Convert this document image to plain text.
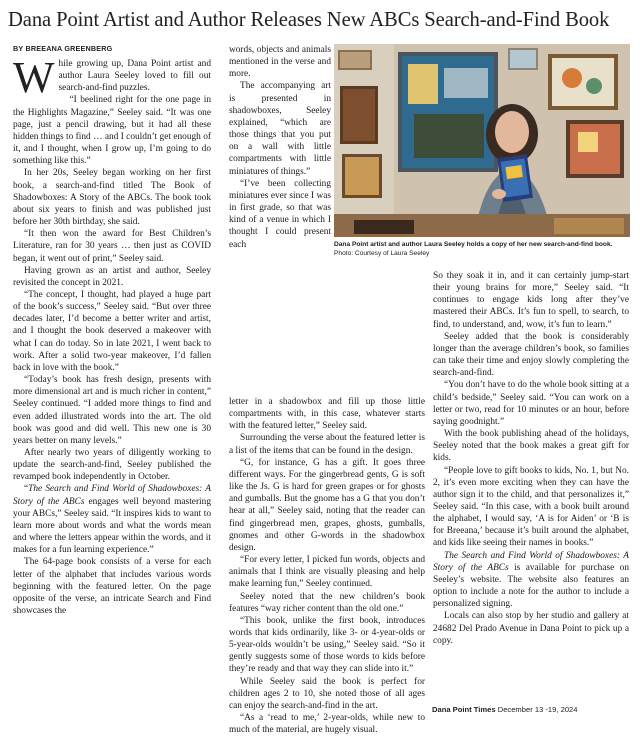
Dana Point Artist and Author Releases New ABCs Search-and-Find Book
BY BREEANA GREENBERG

While growing up, Dana Point artist and author Laura Seeley loved to fill out search-and-find puzzles.

“I beelined right for the one page in the Highlights Magazine,” Seeley said. “It was one page, just a pencil drawing, but it had all these hidden things to find … and I couldn’t get enough of it, and I thought, when I grow up, I’m going to do something like this.”

In her 20s, Seeley began working on her first book, a search-and-find titled The Book of Shadowboxes: A Story of the ABCs. The book took about six years to finish and was published just before her 30th birthday, she said.

“It then won the award for Best Children’s Literature, ran for 30 years … then just as COVID began, it went out of print,” Seeley said.

Having grown as an artist and author, Seeley revisited the concept in 2021.

“The concept, I thought, had played a huge part of the book’s success,” Seeley said. “But over three decades later, I’d become a better writer and artist, and I thought the book deserved a makeover with what I can do today. So in late 2021, I went back to work. After a solid two-year makeover, I’d fallen back in love with the book.”

“Today’s book has fresh design, presents with more dimensional art and is much richer in content,” Seeley continued. “I added more things to find and even added illustrated words into the art. The old book was good and did well. This new one is 30 years better on many levels.”

After nearly two years of diligently working to update the search-and-find, Seeley published the revamped book independently in October.

“The Search and Find World of Shadowboxes: A Story of the ABCs engages well beyond mastering your ABCs,” Seeley said. “It inspires kids to want to learn more about words and what the words mean and where the letters appear within the words, and it makes for a fun learning experience.”

The 64-page book consists of a verse for each letter of the alphabet that includes various words beginning with the featured letter. On the page opposite of the verse, an intricate Search and Find showcases the

words, objects and animals mentioned in the verse and more.

The accompanying art is presented in shadowboxes, Seeley explained, “which are those things that you put on a wall with little compartments with little miniatures of things.”

“I’ve been collecting miniatures ever since I was in first grade, so that was kind of a venue in which I thought I could present each	Dana Point artist and author Laura Seeley holds a copy of her new search-and-find book. Photo: Courtesy of Laura Seeley

letter in a shadowbox and fill up those little compartments with, in this case, whatever starts with the featured letter,” Seeley said.

Surrounding the verse about the featured letter is a list of the items that can be found in the design.

“G, for instance, G has a gift. It goes three different ways. For the gingerbread gents, G is soft like the Js. G is hard for green grapes or for ghosts and gumballs. But the gnome has a G that you don’t hear at all,” Seeley said, noting that the reader can find gingerbread men, grapes, ghosts, gumballs, gnomes and other G-words in the shadowbox design.

“For every letter, I picked fun words, objects and animals that I think are visually pleasing and help make learning fun,” Seeley continued.

Seeley noted that the new children’s book features “way richer content than the old one.”

“This book, unlike the first book, introduces words that kids ordinarily, like 3- or 4-year-olds or 5-year-olds wouldn’t be using,” Seeley said. “So it gently suggests some of those words to kids before they’re ready and that way they can slide into it.”

While Seeley said the book is perfect for children ages 2 to 10, she noted those of all ages can enjoy the search-and-find in the art.

“As a ‘read to me,’ 2-year-olds, while new to much of the material, are hugely visual.

So they soak it in, and it can certainly jump-start their young brains for more,” Seeley said. “It continues to engage kids long after they’ve mastered their ABCs. It’s fun to spell, to search, to find, to understand, and, wow, it’s fun to learn.”

Seeley added that the book is considerably longer than the average children’s book, so families can take their time and enjoy slowly completing the search-and-find.

“You don’t have to do the whole book sitting at a child’s bedside,” Seeley said. “You can work on a letter or two, read for 10 minutes or an hour, before saying goodnight.”

With the book publishing ahead of the holidays, Seeley noted that the book makes a great gift for kids.

“People love to gift books to kids, No. 1, but No. 2, it’s even more exciting when they can have the author sign it to the child, and that personalizes it,” Seeley said. “In this case, with a book built around the alphabet, I would say, ‘A is for Aiden’ or ‘B is for Breeana,’ because it’s built around the alphabet, and kids like seeing their names in books.”

The Search and Find World of Shadowboxes: A Story of the ABCs is available for purchase on Seeley’s website. The website also features an option to include a note for the author to include a personalized signing.

Locals can also stop by her studio and gallery at 24682 Del Prado Avenue in Dana Point to pick up a copy.

Dana Point Times December 13 -19, 2024
